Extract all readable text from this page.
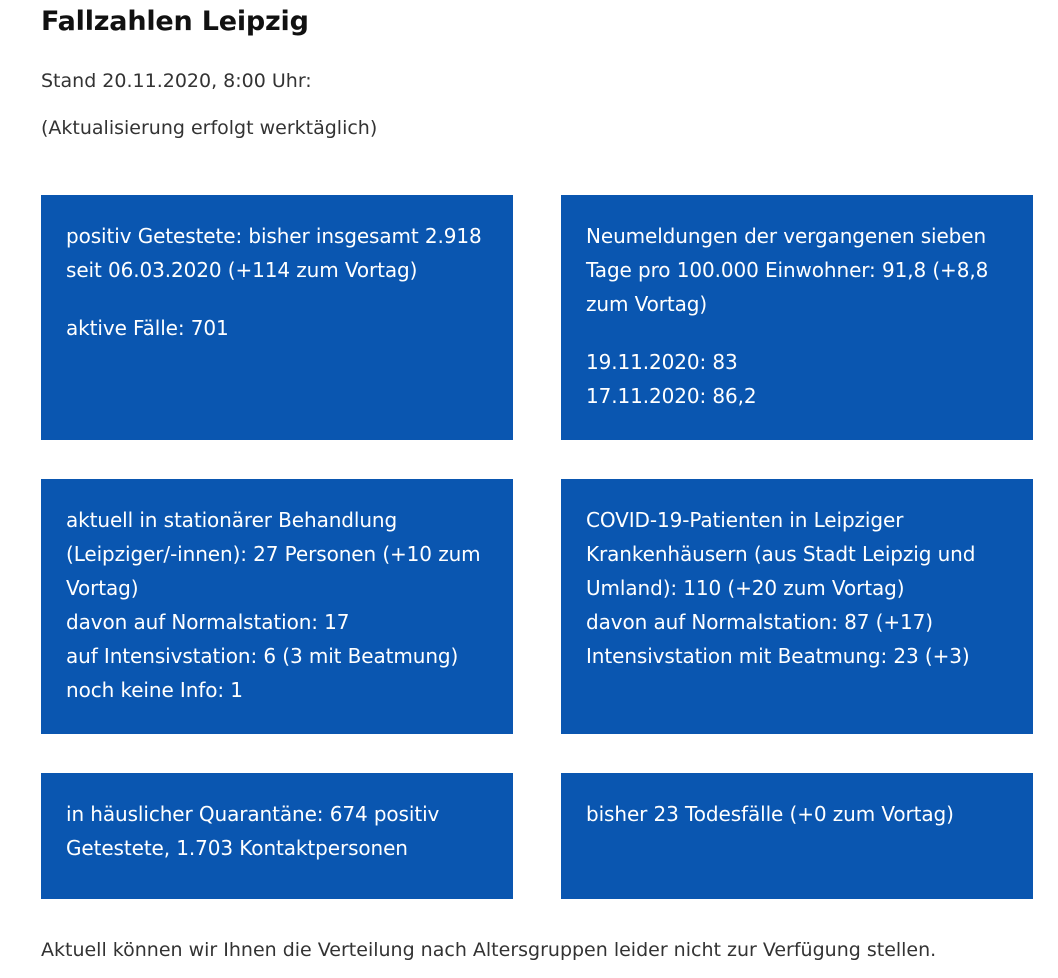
Fallzahlen Leipzig
Stand 20.11.2020, 8:00 Uhr:
(Aktualisierung erfolgt werktäglich)

positiv Getestete: bisher insgesamt 2.918 seit 06.03.2020 (+114 zum Vortag)

aktive Fälle: 701

Neumeldungen der vergangenen sieben Tage pro 100.000 Einwohner: 91,8 (+8,8 zum Vortag)

19.11.2020: 83

17.11.2020: 86,2

aktuell in stationärer Behandlung (Leipziger/-innen): 27 Personen (+10 zum Vortag)

davon auf Normalstation: 17

auf Intensivstation: 6 (3 mit Beatmung)

noch keine Info: 1

COVID-19-Patienten in Leipziger Krankenhäusern (aus Stadt Leipzig und Umland): 110 (+20 zum Vortag)

davon auf Normalstation: 87 (+17)

Intensivstation mit Beatmung: 23 (+3)

in häuslicher Quarantäne: 674 positiv Getestete, 1.703 Kontaktpersonen

bisher 23 Todesfälle (+0 zum Vortag)

Aktuell können wir Ihnen die Verteilung nach Altersgruppen leider nicht zur Verfügung stellen.
